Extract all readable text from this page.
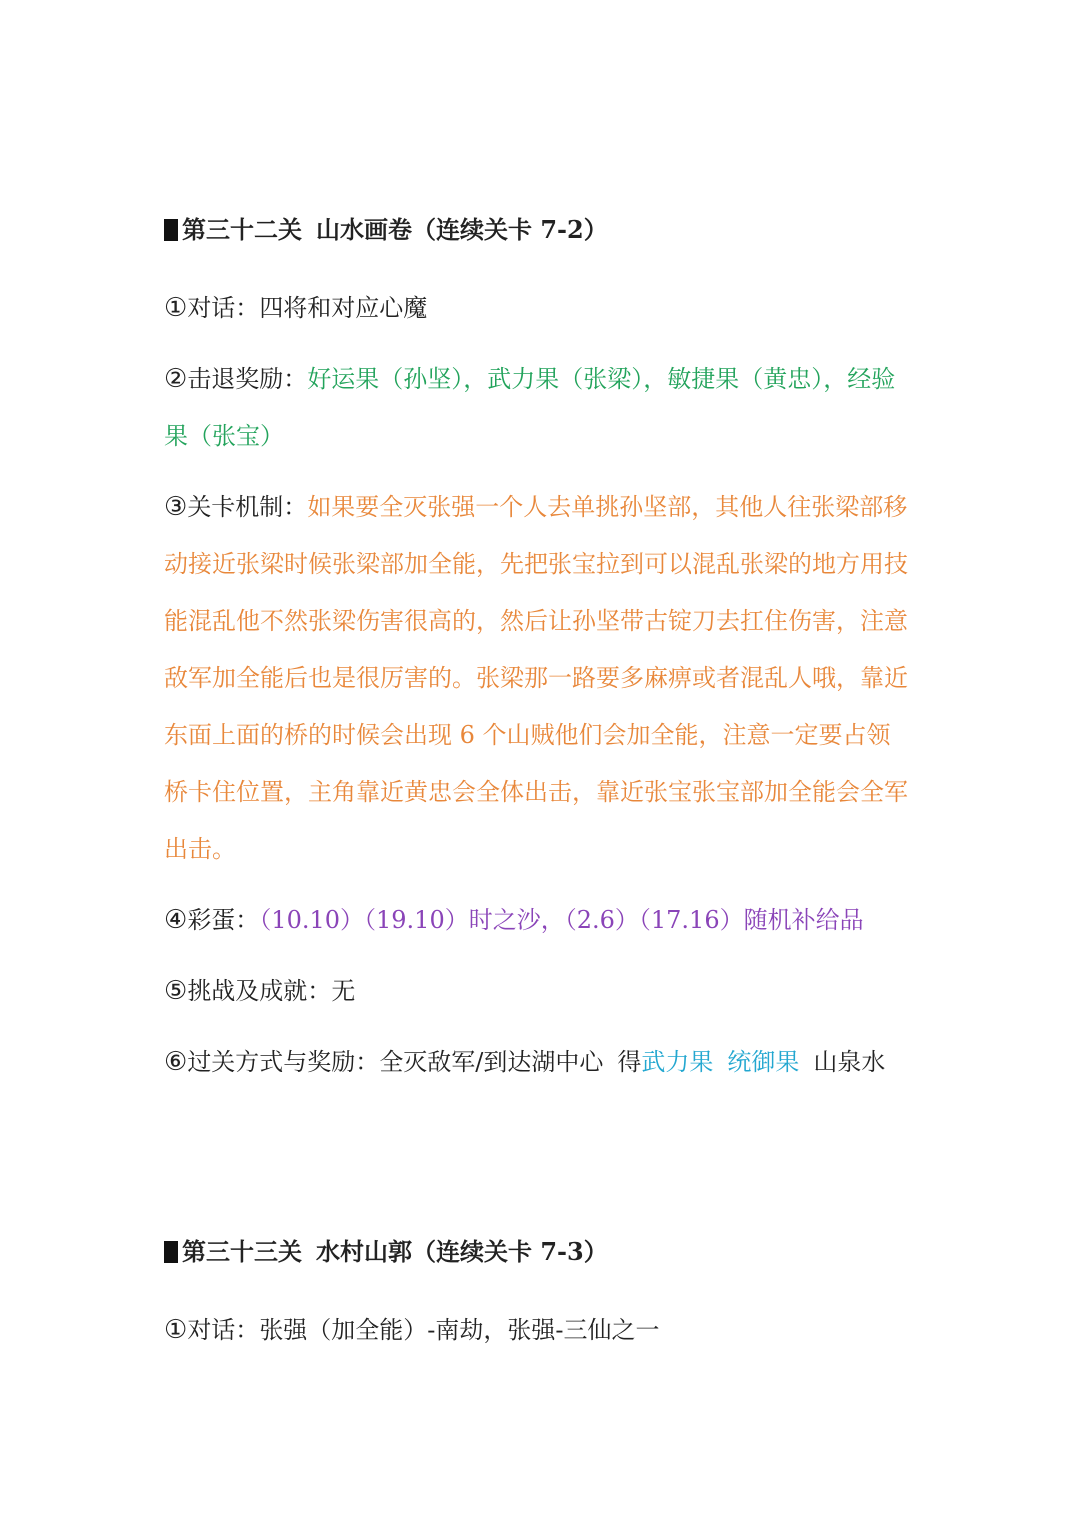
第三十二关 山水画卷（连续关卡 7-2）
①对话：四将和对应心魔
②击退奖励：好运果（孙坚），武力果（张梁），敏捷果（黄忠），经验果（张宝）
③关卡机制：如果要全灭张强一个人去单挑孙坚部，其他人往张梁部移动接近张梁时候张梁部加全能，先把张宝拉到可以混乱张梁的地方用技能混乱他不然张梁伤害很高的，然后让孙坚带古锭刀去扛住伤害，注意敌军加全能后也是很厉害的。张梁那一路要多麻痹或者混乱人哦，靠近东面上面的桥的时候会出现 6 个山贼他们会加全能，注意一定要占领桥卡住位置，主角靠近黄忠会全体出击，靠近张宝张宝部加全能会全军出击。
④彩蛋：（10.10）（19.10）时之沙，（2.6）（17.16）随机补给品
⑤挑战及成就：无
⑥过关方式与奖励：全灭敌军/到达湖中心 得武力果 统御果 山泉水
第三十三关 水村山郭（连续关卡 7-3）
①对话：张强（加全能）-南劫，张强-三仙之一
